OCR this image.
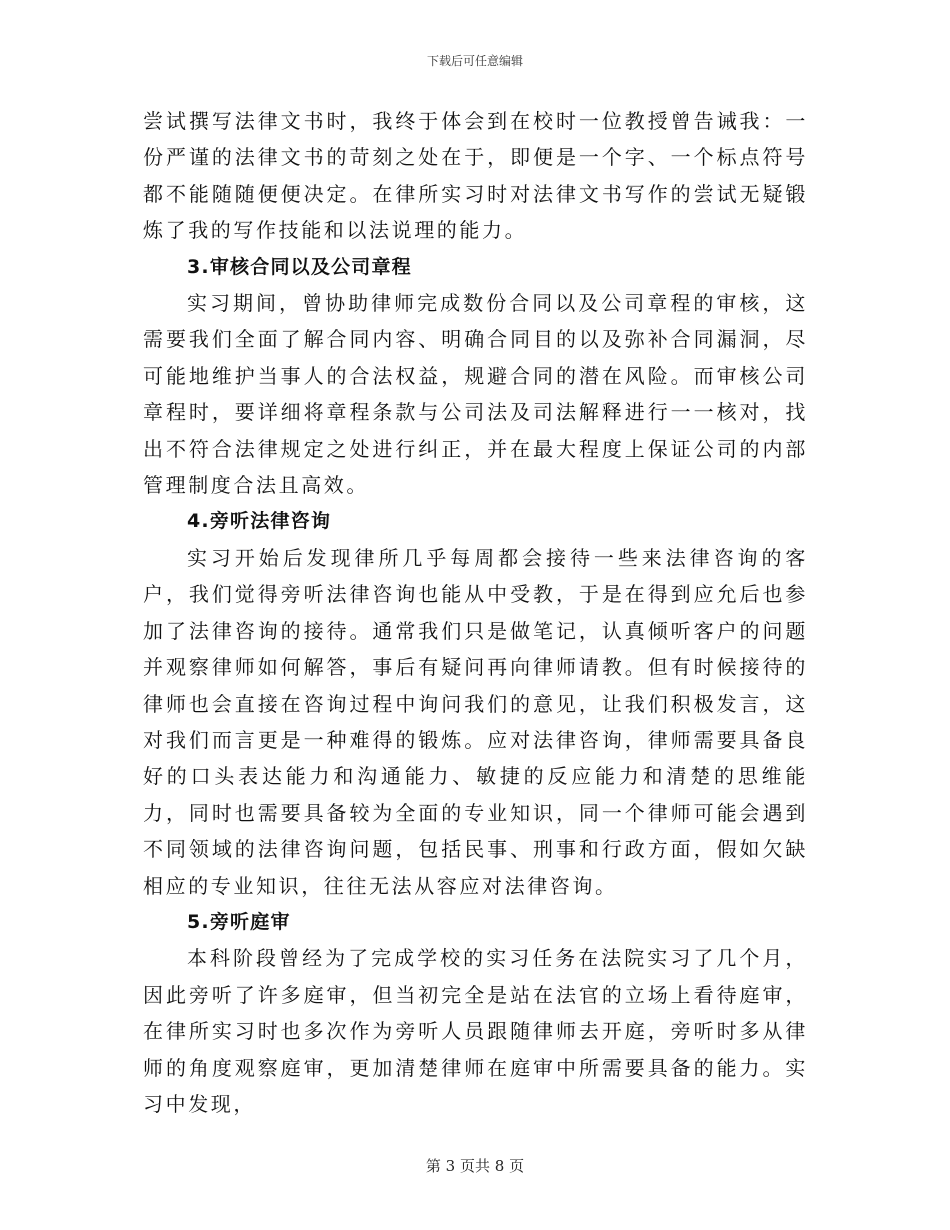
下载后可任意编辑

尝试撰写法律文书时，我终于体会到在校时一位教授曾告诫我：一份严谨的法律文书的苛刻之处在于，即便是一个字、一个标点符号都不能随随便便决定。在律所实习时对法律文书写作的尝试无疑锻炼了我的写作技能和以法说理的能力。

3.审核合同以及公司章程

实习期间，曾协助律师完成数份合同以及公司章程的审核，这需要我们全面了解合同内容、明确合同目的以及弥补合同漏洞，尽可能地维护当事人的合法权益，规避合同的潜在风险。而审核公司章程时，要详细将章程条款与公司法及司法解释进行一一核对，找出不符合法律规定之处进行纠正，并在最大程度上保证公司的内部管理制度合法且高效。

4.旁听法律咨询

实习开始后发现律所几乎每周都会接待一些来法律咨询的客户，我们觉得旁听法律咨询也能从中受教，于是在得到应允后也参加了法律咨询的接待。通常我们只是做笔记，认真倾听客户的问题并观察律师如何解答，事后有疑问再向律师请教。但有时候接待的律师也会直接在咨询过程中询问我们的意见，让我们积极发言，这对我们而言更是一种难得的锻炼。应对法律咨询，律师需要具备良好的口头表达能力和沟通能力、敏捷的反应能力和清楚的思维能力，同时也需要具备较为全面的专业知识，同一个律师可能会遇到不同领域的法律咨询问题，包括民事、刑事和行政方面，假如欠缺相应的专业知识，往往无法从容应对法律咨询。

5.旁听庭审

本科阶段曾经为了完成学校的实习任务在法院实习了几个月，因此旁听了许多庭审，但当初完全是站在法官的立场上看待庭审，在律所实习时也多次作为旁听人员跟随律师去开庭，旁听时多从律师的角度观察庭审，更加清楚律师在庭审中所需要具备的能力。实习中发现，

第 3 页共 8 页
